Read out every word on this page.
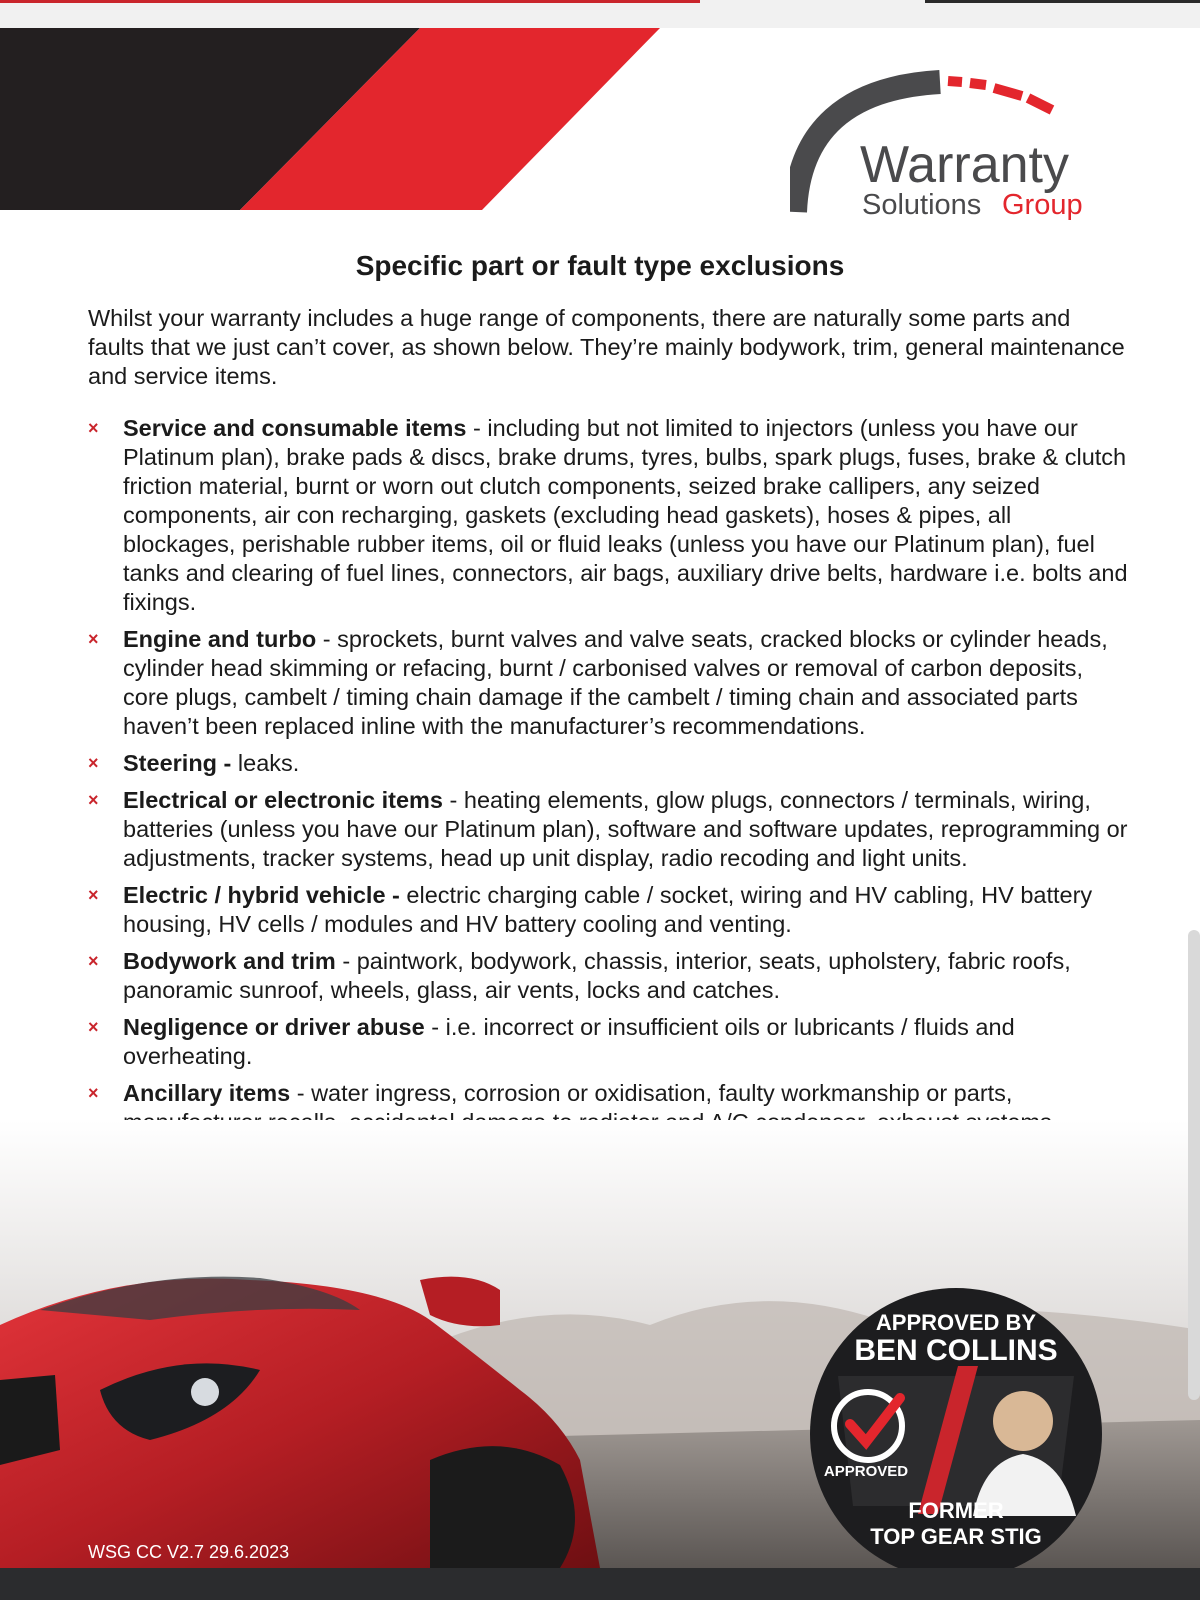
Warranty
Solutions Group
Specific part or fault type exclusions
Whilst your warranty includes a huge range of components, there are naturally some parts and faults that we just can’t cover, as shown below. They’re mainly bodywork, trim, general maintenance and service items.
×	Service and consumable items - including but not limited to injectors (unless you have our Platinum plan), brake pads & discs, brake drums, tyres, bulbs, spark plugs, fuses, brake & clutch friction material, burnt or worn out clutch components, seized brake callipers, any seized components, air con recharging, gaskets (excluding head gaskets), hoses & pipes, all blockages, perishable rubber items, oil or fluid leaks (unless you have our Platinum plan), fuel tanks and clearing of fuel lines, connectors, air bags, auxiliary drive belts, hardware i.e. bolts and fixings.
×	Engine and turbo - sprockets, burnt valves and valve seats, cracked blocks or cylinder heads, cylinder head skimming or refacing, burnt / carbonised valves or removal of carbon deposits, core plugs, cambelt / timing chain damage if the cambelt / timing chain and associated parts haven’t been replaced inline with the manufacturer’s recommendations.
×	Steering - leaks.
×	Electrical or electronic items - heating elements, glow plugs, connectors / terminals, wiring, batteries (unless you have our Platinum plan), software and software updates, reprogramming or adjustments, tracker systems, head up unit display, radio recoding and light units.
×	Electric / hybrid vehicle - electric charging cable / socket, wiring and HV cabling, HV battery housing, HV cells / modules and HV battery cooling and venting.
×	Bodywork and trim - paintwork, bodywork, chassis, interior, seats, upholstery, fabric roofs, panoramic sunroof, wheels, glass, air vents, locks and catches.
×	Negligence or driver abuse - i.e. incorrect or insufficient oils or lubricants / fluids and overheating.
×	Ancillary items - water ingress, corrosion or oxidisation, faulty workmanship or parts,
APPROVED BY
BEN COLLINS
APPROVED
FORMER
TOP GEAR STIG
WSG CC V2.7 29.6.2023
